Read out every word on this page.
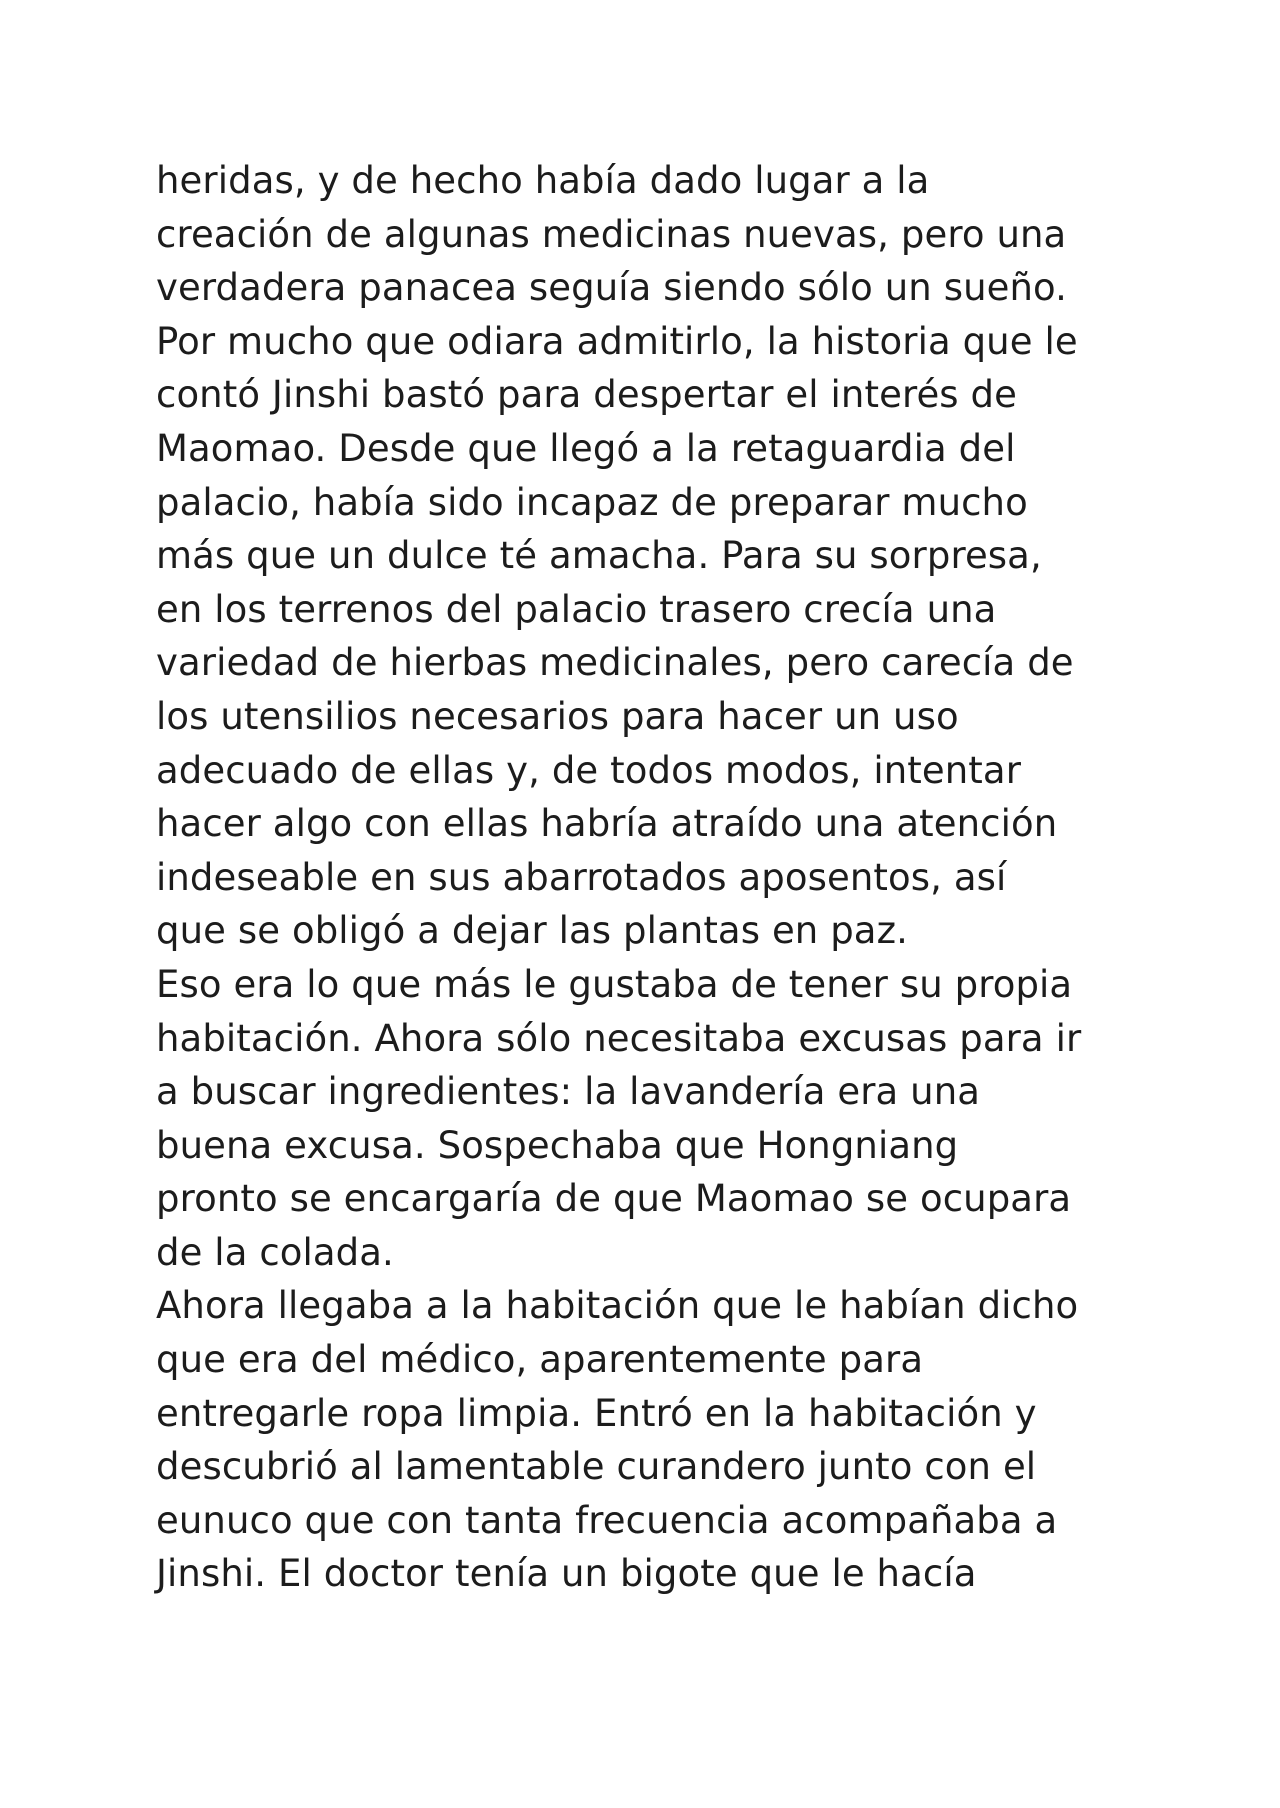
heridas, y de hecho había dado lugar a la
creación de algunas medicinas nuevas, pero una
verdadera panacea seguía siendo sólo un sueño.
Por mucho que odiara admitirlo, la historia que le
contó Jinshi bastó para despertar el interés de
Maomao. Desde que llegó a la retaguardia del
palacio, había sido incapaz de preparar mucho
más que un dulce té amacha. Para su sorpresa,
en los terrenos del palacio trasero crecía una
variedad de hierbas medicinales, pero carecía de
los utensilios necesarios para hacer un uso
adecuado de ellas y, de todos modos, intentar
hacer algo con ellas habría atraído una atención
indeseable en sus abarrotados aposentos, así
que se obligó a dejar las plantas en paz.
Eso era lo que más le gustaba de tener su propia
habitación. Ahora sólo necesitaba excusas para ir
a buscar ingredientes: la lavandería era una
buena excusa. Sospechaba que Hongniang
pronto se encargaría de que Maomao se ocupara
de la colada.
Ahora llegaba a la habitación que le habían dicho
que era del médico, aparentemente para
entregarle ropa limpia. Entró en la habitación y
descubrió al lamentable curandero junto con el
eunuco que con tanta frecuencia acompañaba a
Jinshi. El doctor tenía un bigote que le hacía
